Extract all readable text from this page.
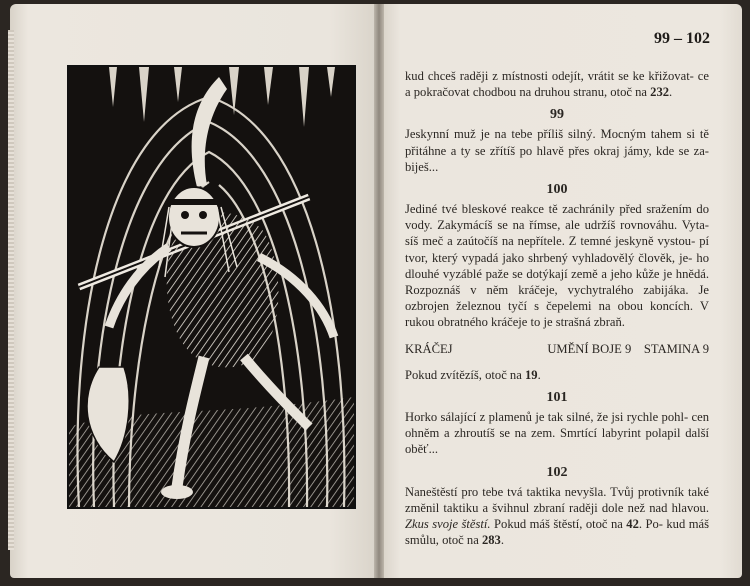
99 – 102

kud chceš raději z místnosti odejít, vrátit se ke křižovat- ce a pokračovat chodbou na druhou stranu, otoč na 232.

99

Jeskynní muž je na tebe příliš silný. Mocným tahem si tě přitáhne a ty se zřítíš po hlavě přes okraj jámy, kde se za- biješ...

100

Jediné tvé bleskové reakce tě zachránily před sražením do vody. Zakymácíš se na římse, ale udržíš rovnováhu. Vyta- síš meč a zaútočíš na nepřítele. Z temné jeskyně vystou- pí tvor, který vypadá jako shrbený vyhladovělý člověk, je- ho dlouhé vyzáblé paže se dotýkají země a jeho kůže je hnědá. Rozpoznáš v něm kráčeje, vychytralého zabijáka. Je ozbrojen železnou tyčí s čepelemi na obou koncích. V rukou obratného kráčeje to je strašná zbraň.

KRÁČEJ	UMĚNÍ BOJE 9 STAMINA 9

Pokud zvítězíš, otoč na 19.

101

Horko sálající z plamenů je tak silné, že jsi rychle pohl- cen ohněm a zhroutíš se na zem. Smrtící labyrint polapil další oběť...

102

Naneštěstí pro tebe tvá taktika nevyšla. Tvůj protivník také změnil taktiku a švihnul zbraní raději dole než nad hlavou. Zkus svoje štěstí. Pokud máš štěstí, otoč na 42. Po- kud máš smůlu, otoč na 283.
